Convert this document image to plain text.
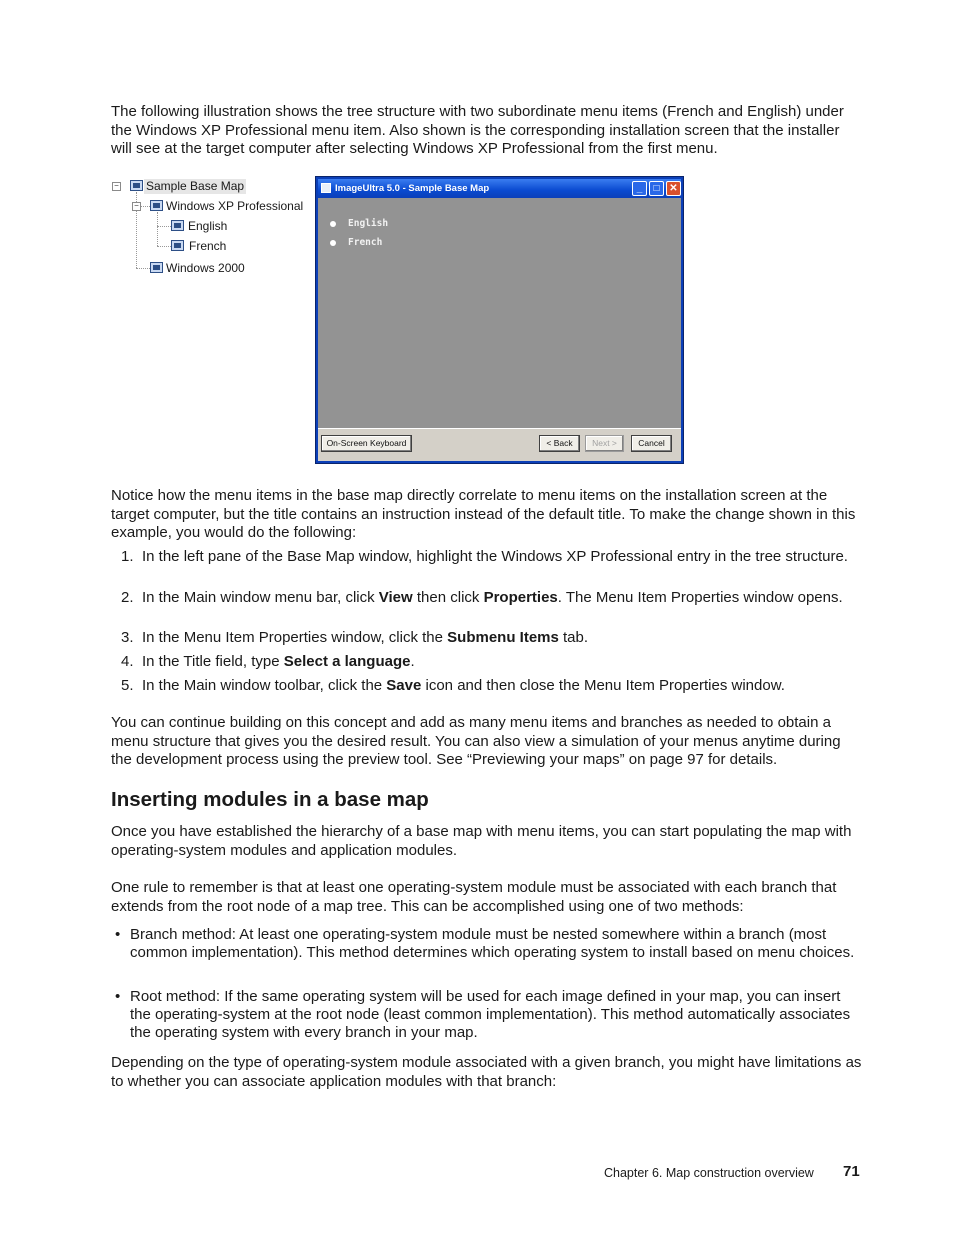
The following illustration shows the tree structure with two subordinate menu items (French and English) under the Windows XP Professional menu item. Also shown is the corresponding installation screen that the installer will see at the target computer after selecting Windows XP Professional from the first menu.

− Sample Base Map
− Windows XP Professional
English
French
Windows 2000
ImageUltra 5.0 - Sample Base Map	_	□ ✕
English
French
On-Screen Keyboard	< Back	Next >	Cancel

Notice how the menu items in the base map directly correlate to menu items on the installation screen at the target computer, but the title contains an instruction instead of the default title. To make the change shown in this example, you would do the following:

1. In the left pane of the Base Map window, highlight the Windows XP Professional entry in the tree structure.
2. In the Main window menu bar, click View then click Properties. The Menu Item Properties window opens.
3. In the Menu Item Properties window, click the Submenu Items tab.
4. In the Title field, type Select a language.
5. In the Main window toolbar, click the Save icon and then close the Menu Item Properties window.

You can continue building on this concept and add as many menu items and branches as needed to obtain a menu structure that gives you the desired result. You can also view a simulation of your menus anytime during the development process using the preview tool. See “Previewing your maps” on page 97 for details.

Inserting modules in a base map

Once you have established the hierarchy of a base map with menu items, you can start populating the map with operating-system modules and application modules.

One rule to remember is that at least one operating-system module must be associated with each branch that extends from the root node of a map tree. This can be accomplished using one of two methods:

• Branch method: At least one operating-system module must be nested somewhere within a branch (most common implementation). This method determines which operating system to install based on menu choices.
• Root method: If the same operating system will be used for each image defined in your map, you can insert the operating-system at the root node (least common implementation). This method automatically associates the operating system with every branch in your map.

Depending on the type of operating-system module associated with a given branch, you might have limitations as to whether you can associate application modules with that branch:

Chapter 6. Map construction overview 71
